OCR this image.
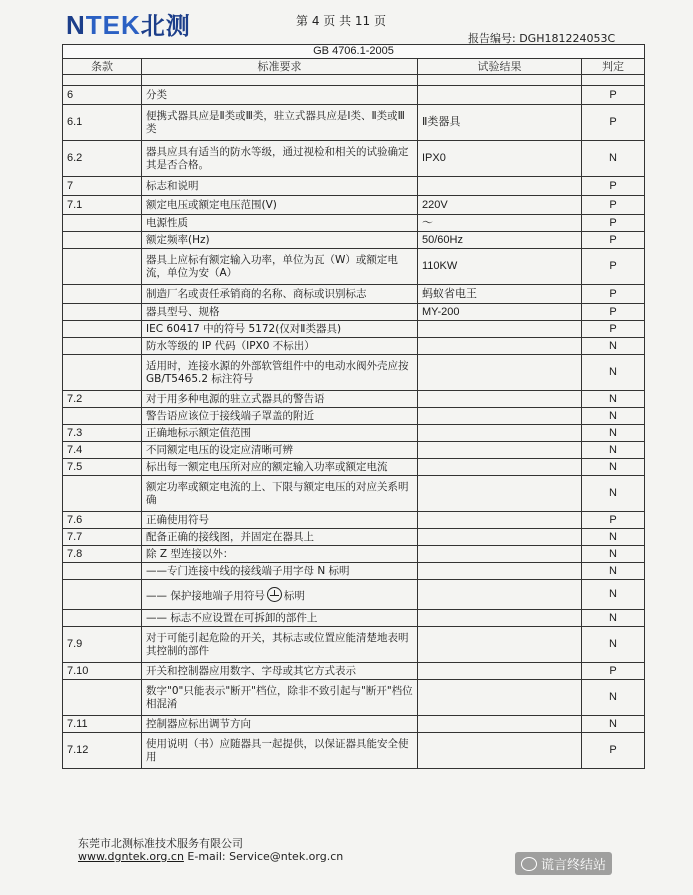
NTEK北测	第 4 页 共 11 页
报告编号: DGH181224053C
GB 4706.1-2005			
条款	标准要求	试验结果	判定

6	分类		P
6.1	便携式器具应是Ⅱ类或Ⅲ类，驻立式器具应是Ⅰ类、Ⅱ类或Ⅲ类	Ⅱ类器具	P
6.2	器具应具有适当的防水等级，通过视检和相关的试验确定其是否合格。	IPX0	N
7	标志和说明		P
7.1	额定电压或额定电压范围(V)	220V	P
	电源性质	～	P
	额定频率(Hz)	50/60Hz	P
	器具上应标有额定输入功率，单位为瓦（W）或额定电流，单位为安（A）	110KW	P
	制造厂名或责任承销商的名称、商标或识别标志	蚂蚁省电王	P
	器具型号、规格	MY-200	P
	IEC 60417 中的符号 5172(仅对Ⅱ类器具)		P
	防水等级的 IP 代码（IPX0 不标出）		N
	适用时，连接水源的外部软管组件中的电动水阀外壳应按 GB/T5465.2 标注符号		N
7.2	对于用多种电源的驻立式器具的警告语		N
	警告语应该位于接线端子罩盖的附近		N
7.3	正确地标示额定值范围		N
7.4	不同额定电压的设定应清晰可辨		N
7.5	标出每一额定电压所对应的额定输入功率或额定电流		N
	额定功率或额定电流的上、下限与额定电压的对应关系明确		N
7.6	正确使用符号		P
7.7	配备正确的接线图，并固定在器具上		N
7.8	除 Z 型连接以外：		N
	——专门连接中线的接线端子用字母 N 标明		N
	—— 保护接地端子用符号 标明		N
	—— 标志不应设置在可拆卸的部件上		N
7.9	对于可能引起危险的开关，其标志或位置应能清楚地表明其控制的部件		N
7.10	开关和控制器应用数字、字母或其它方式表示		P
	数字"0"只能表示"断开"档位，除非不致引起与"断开"档位相混淆		N
7.11	控制器应标出调节方向		N
7.12	使用说明（书）应随器具一起提供，以保证器具能安全使用		P
东莞市北测标准技术服务有限公司
www.dgntek.org.cn E-mail: Service@ntek.org.cn
谎言终结站
